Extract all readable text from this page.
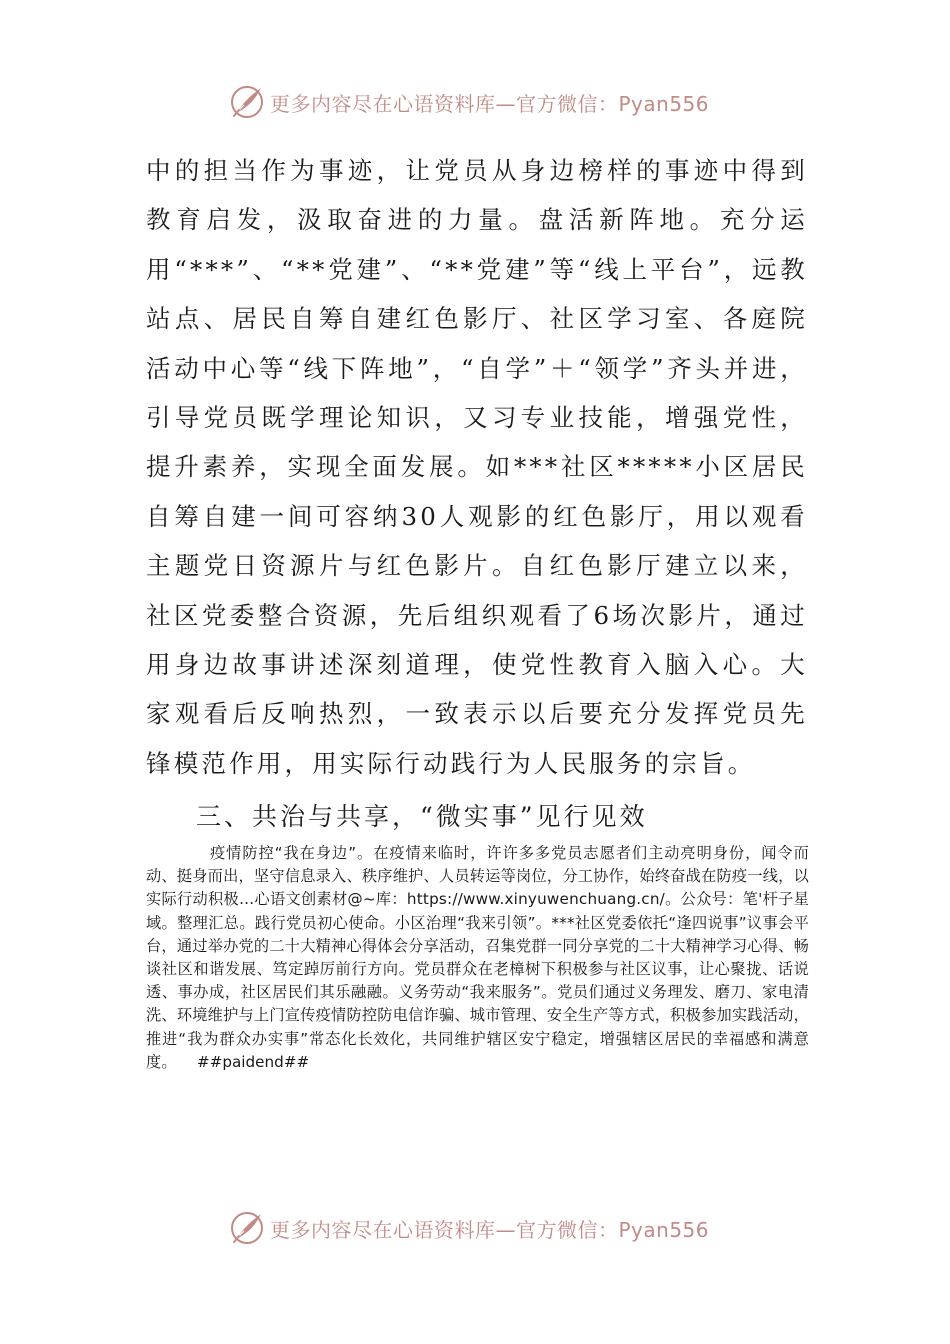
更多内容尽在心语资料库—官方微信：Pyan556

中的担当作为事迹，让党员从身边榜样的事迹中得到教育启发，汲取奋进的力量。盘活新阵地。充分运用“***”、“**党建”、“**党建”等“线上平台”，远教站点、居民自筹自建红色影厅、社区学习室、各庭院活动中心等“线下阵地”，“自学”＋“领学”齐头并进，引导党员既学理论知识，又习专业技能，增强党性，提升素养，实现全面发展。如***社区*****小区居民自筹自建一间可容纳30人观影的红色影厅，用以观看主题党日资源片与红色影片。自红色影厅建立以来，社区党委整合资源，先后组织观看了6场次影片，通过用身边故事讲述深刻道理，使党性教育入脑入心。大家观看后反响热烈，一致表示以后要充分发挥党员先锋模范作用，用实际行动践行为人民服务的宗旨。

三、共治与共享，“微实事”见行见效

疫情防控“我在身边”。在疫情来临时，许许多多党员志愿者们主动亮明身份，闻令而动、挺身而出，坚守信息录入、秩序维护、人员转运等岗位，分工协作，始终奋战在防疫一线，以实际行动积极…心语文创素材@~库：https://www.xinyuwenchuang.cn/。公众号：笔'杆子星域。整理汇总。践行党员初心使命。小区治理“我来引领”。***社区党委依托“逢四说事”议事会平台，通过举办党的二十大精神心得体会分享活动，召集党群一同分享党的二十大精神学习心得、畅谈社区和谐发展、笃定踔厉前行方向。党员群众在老樟树下积极参与社区议事，让心聚拢、话说透、事办成，社区居民们其乐融融。义务劳动“我来服务”。党员们通过义务理发、磨刀、家电清洗、环境维护与上门宣传疫情防控防电信诈骗、城市管理、安全生产等方式，积极参加实践活动，推进“我为群众办实事”常态化长效化，共同维护辖区安宁稳定，增强辖区居民的幸福感和满意度。 ##paidend##

更多内容尽在心语资料库—官方微信：Pyan556
